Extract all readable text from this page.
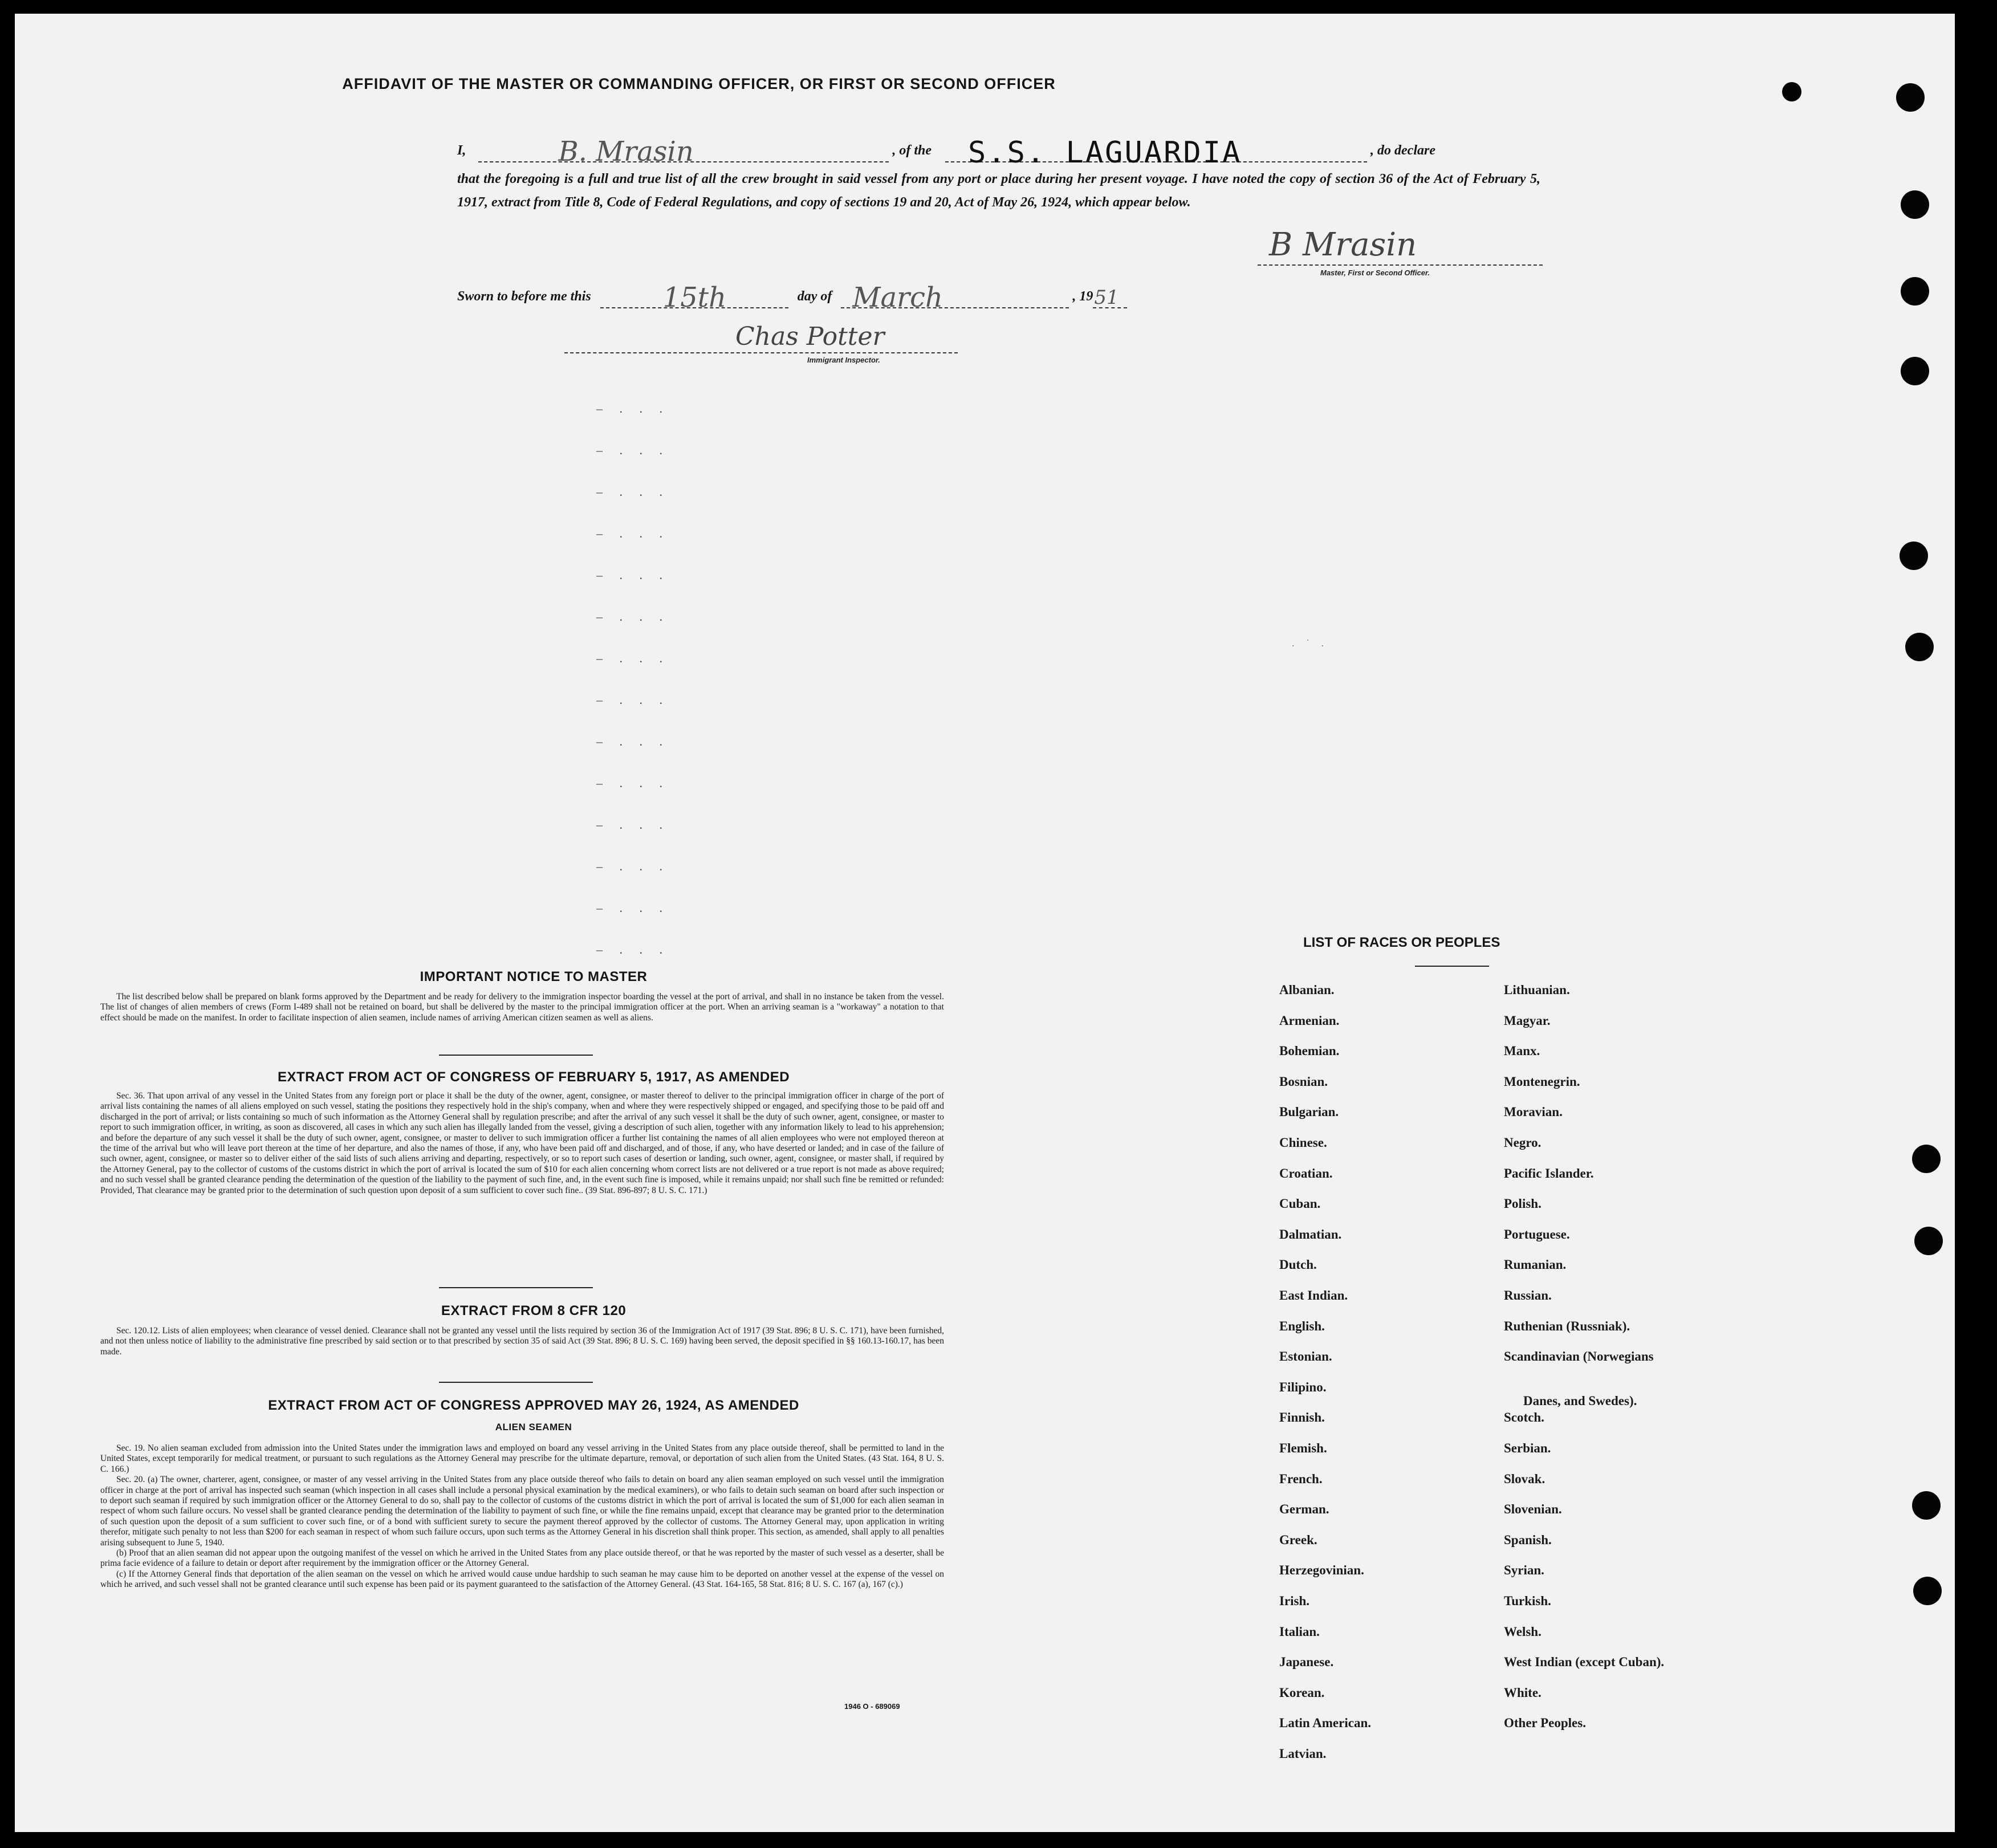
AFFIDAVIT OF THE MASTER OR COMMANDING OFFICER, OR FIRST OR SECOND OFFICER
I,	B. Mrasin	, of the S.S. LAGUARDIA	, do declare
that the foregoing is a full and true list of all the crew brought in said vessel from any port or place during her present voyage. I have noted the copy of section 36 of the Act of February 5, 1917, extract from Title 8, Code of Federal Regulations, and copy of sections 19 and 20, Act of May 26, 1924, which appear below.
B Mrasin
Master, First or Second Officer.
Sworn to before me this	15th	day of March	, 19 51
Chas Potter
Immigrant Inspector.
– . . .
– . . .
– . . .
– . . .
– . . .
– . . .
– . . .
– . . .
– . . .
– . . .
– . . .
– . . .
– . . .
– . . .
IMPORTANT NOTICE TO MASTER

The list described below shall be prepared on blank forms approved by the Department and be ready for delivery to the immigration inspector boarding the vessel at the port of arrival, and shall in no instance be taken from the vessel. The list of changes of alien members of crews (Form I-489 shall not be retained on board, but shall be delivered by the master to the principal immigration officer at the port. When an arriving seaman is a "workaway" a notation to that effect should be made on the manifest. In order to facilitate inspection of alien seamen, include names of arriving American citizen seamen as well as aliens.

EXTRACT FROM ACT OF CONGRESS OF FEBRUARY 5, 1917, AS AMENDED

Sec. 36. That upon arrival of any vessel in the United States from any foreign port or place it shall be the duty of the owner, agent, consignee, or master thereof to deliver to the principal immigration officer in charge of the port of arrival lists containing the names of all aliens employed on such vessel, stating the positions they respectively hold in the ship's company, when and where they were respectively shipped or engaged, and specifying those to be paid off and discharged in the port of arrival; or lists containing so much of such information as the Attorney General shall by regulation prescribe; and after the arrival of any such vessel it shall be the duty of such owner, agent, consignee, or master to report to such immigration officer, in writing, as soon as discovered, all cases in which any such alien has illegally landed from the vessel, giving a description of such alien, together with any information likely to lead to his apprehension; and before the departure of any such vessel it shall be the duty of such owner, agent, consignee, or master to deliver to such immigration officer a further list containing the names of all alien employees who were not employed thereon at the time of the arrival but who will leave port thereon at the time of her departure, and also the names of those, if any, who have been paid off and discharged, and of those, if any, who have deserted or landed; and in case of the failure of such owner, agent, consignee, or master so to deliver either of the said lists of such aliens arriving and departing, respectively, or so to report such cases of desertion or landing, such owner, agent, consignee, or master shall, if required by the Attorney General, pay to the collector of customs of the customs district in which the port of arrival is located the sum of $10 for each alien concerning whom correct lists are not delivered or a true report is not made as above required; and no such vessel shall be granted clearance pending the determination of the question of the liability to the payment of such fine, and, in the event such fine is imposed, while it remains unpaid; nor shall such fine be remitted or refunded: Provided, That clearance may be granted prior to the determination of such question upon deposit of a sum sufficient to cover such fine.. (39 Stat. 896-897; 8 U. S. C. 171.)

EXTRACT FROM 8 CFR 120

Sec. 120.12. Lists of alien employees; when clearance of vessel denied. Clearance shall not be granted any vessel until the lists required by section 36 of the Immigration Act of 1917 (39 Stat. 896; 8 U. S. C. 171), have been furnished, and not then unless notice of liability to the administrative fine prescribed by said section or to that prescribed by section 35 of said Act (39 Stat. 896; 8 U. S. C. 169) having been served, the deposit specified in §§ 160.13-160.17, has been made.

EXTRACT FROM ACT OF CONGRESS APPROVED MAY 26, 1924, AS AMENDED
ALIEN SEAMEN

Sec. 19. No alien seaman excluded from admission into the United States under the immigration laws and employed on board any vessel arriving in the United States from any place outside thereof, shall be permitted to land in the United States, except temporarily for medical treatment, or pursuant to such regulations as the Attorney General may prescribe for the ultimate departure, removal, or deportation of such alien from the United States. (43 Stat. 164, 8 U. S. C. 166.)

Sec. 20. (a) The owner, charterer, agent, consignee, or master of any vessel arriving in the United States from any place outside thereof who fails to detain on board any alien seaman employed on such vessel until the immigration officer in charge at the port of arrival has inspected such seaman (which inspection in all cases shall include a personal physical examination by the medical examiners), or who fails to detain such seaman on board after such inspection or to deport such seaman if required by such immigration officer or the Attorney General to do so, shall pay to the collector of customs of the customs district in which the port of arrival is located the sum of $1,000 for each alien seaman in respect of whom such failure occurs. No vessel shall be granted clearance pending the determination of the liability to payment of such fine, or while the fine remains unpaid, except that clearance may be granted prior to the determination of such question upon the deposit of a sum sufficient to cover such fine, or of a bond with sufficient surety to secure the payment thereof approved by the collector of customs. The Attorney General may, upon application in writing therefor, mitigate such penalty to not less than $200 for each seaman in respect of whom such failure occurs, upon such terms as the Attorney General in his discretion shall think proper. This section, as amended, shall apply to all penalties arising subsequent to June 5, 1940.

(b) Proof that an alien seaman did not appear upon the outgoing manifest of the vessel on which he arrived in the United States from any place outside thereof, or that he was reported by the master of such vessel as a deserter, shall be prima facie evidence of a failure to detain or deport after requirement by the immigration officer or the Attorney General.

(c) If the Attorney General finds that deportation of the alien seaman on the vessel on which he arrived would cause undue hardship to such seaman he may cause him to be deported on another vessel at the expense of the vessel on which he arrived, and such vessel shall not be granted clearance until such expense has been paid or its payment guaranteed to the satisfaction of the Attorney General. (43 Stat. 164-165, 58 Stat. 816; 8 U. S. C. 167 (a), 167 (c).)

1946 O - 689069
LIST OF RACES OR PEOPLES
. ˙ .
Albanian.
Armenian.
Bohemian.
Bosnian.
Bulgarian.
Chinese.
Croatian.
Cuban.
Dalmatian.
Dutch.
East Indian.
English.
Estonian.
Filipino.
Finnish.
Flemish.
French.
German.
Greek.
Herzegovinian.
Irish.
Italian.
Japanese.
Korean.
Latin American.
Latvian.
Lithuanian.
Magyar.
Manx.
Montenegrin.
Moravian.
Negro.
Pacific Islander.
Polish.
Portuguese.
Rumanian.
Russian.
Ruthenian (Russniak).
Scandinavian (Norwegians
Danes, and Swedes).
Scotch.
Serbian.
Slovak.
Slovenian.
Spanish.
Syrian.
Turkish.
Welsh.
West Indian (except Cuban).
White.
Other Peoples.
